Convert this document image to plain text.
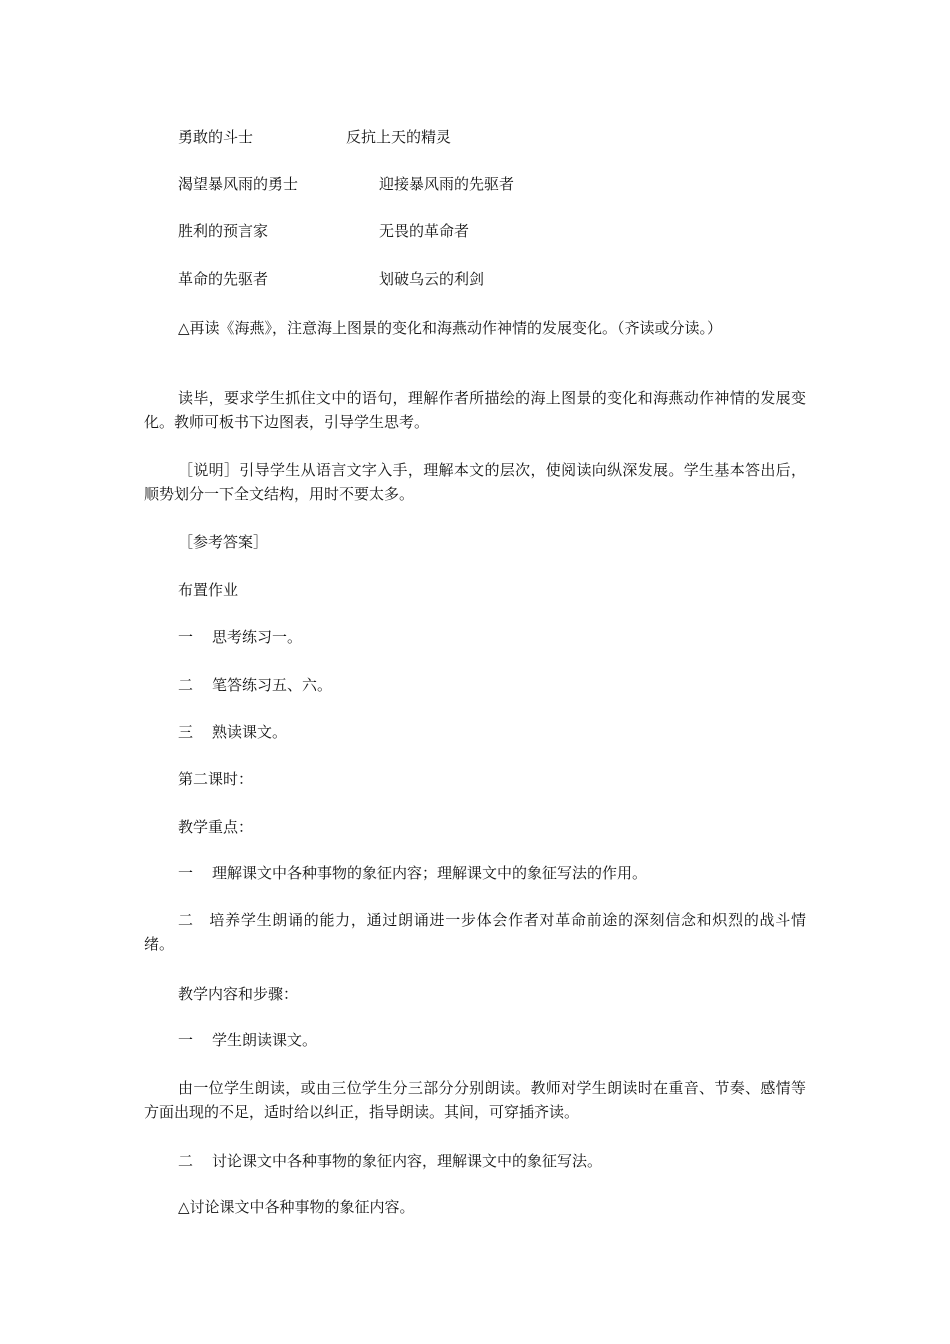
勇敢的斗士	反抗上天的精灵
渴望暴风雨的勇士	迎接暴风雨的先驱者
胜利的预言家	无畏的革命者
革命的先驱者	划破乌云的利剑
△再读《海燕》，注意海上图景的变化和海燕动作神情的发展变化。（齐读或分读。）
读毕，要求学生抓住文中的语句，理解作者所描绘的海上图景的变化和海燕动作神情的发展变化。教师可板书下边图表，引导学生思考。
［说明］引导学生从语言文字入手，理解本文的层次，使阅读向纵深发展。学生基本答出后，顺势划分一下全文结构，用时不要太多。
［参考答案］
布置作业
一 思考练习一。
二 笔答练习五、六。
三 熟读课文。
第二课时：
教学重点：
一 理解课文中各种事物的象征内容；理解课文中的象征写法的作用。
二　培养学生朗诵的能力，通过朗诵进一步体会作者对革命前途的深刻信念和炽烈的战斗情绪。
教学内容和步骤：
一 学生朗读课文。
由一位学生朗读，或由三位学生分三部分分别朗读。教师对学生朗读时在重音、节奏、感情等方面出现的不足，适时给以纠正，指导朗读。其间，可穿插齐读。
二 讨论课文中各种事物的象征内容，理解课文中的象征写法。
△讨论课文中各种事物的象征内容。
